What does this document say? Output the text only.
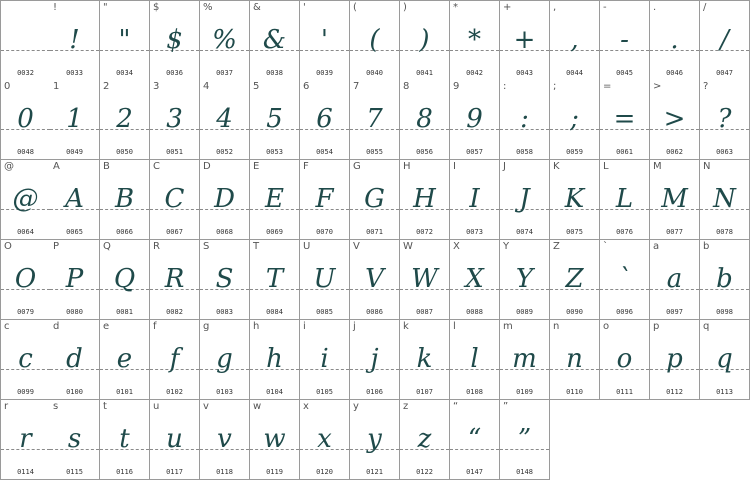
0032
!
!
0033
"
"
0034
$
$
0036
%
%
0037
&
&
0038
'
'
0039
(
(
0040
)
)
0041
*
*
0042
+
+
0043
,
,
0044
-
-
0045
.
.
0046
/
/
0047
0
0
0048
1
1
0049
2
2
0050
3
3
0051
4
4
0052
5
5
0053
6
6
0054
7
7
0055
8
8
0056
9
9
0057
:
:
0058
;
;
0059
=
=
0061
>
>
0062
?
?
0063
@
@
0064
A
A
0065
B
B
0066
C
C
0067
D
D
0068
E
E
0069
F
F
0070
G
G
0071
H
H
0072
I
I
0073
J
J
0074
K
K
0075
L
L
0076
M
M
0077
N
N
0078
O
O
0079
P
P
0080
Q
Q
0081
R
R
0082
S
S
0083
T
T
0084
U
U
0085
V
V
0086
W
W
0087
X
X
0088
Y
Y
0089
Z
Z
0090
`
`
0096
a
a
0097
b
b
0098
c
c
0099
d
d
0100
e
e
0101
f
f
0102
g
g
0103
h
h
0104
i
i
0105
j
j
0106
k
k
0107
l
l
0108
m
m
0109
n
n
0110
o
o
0111
p
p
0112
q
q
0113
r
r
0114
s
s
0115
t
t
0116
u
u
0117
v
v
0118
w
w
0119
x
x
0120
y
y
0121
z
z
0122
“
“
0147
”
”
0148
